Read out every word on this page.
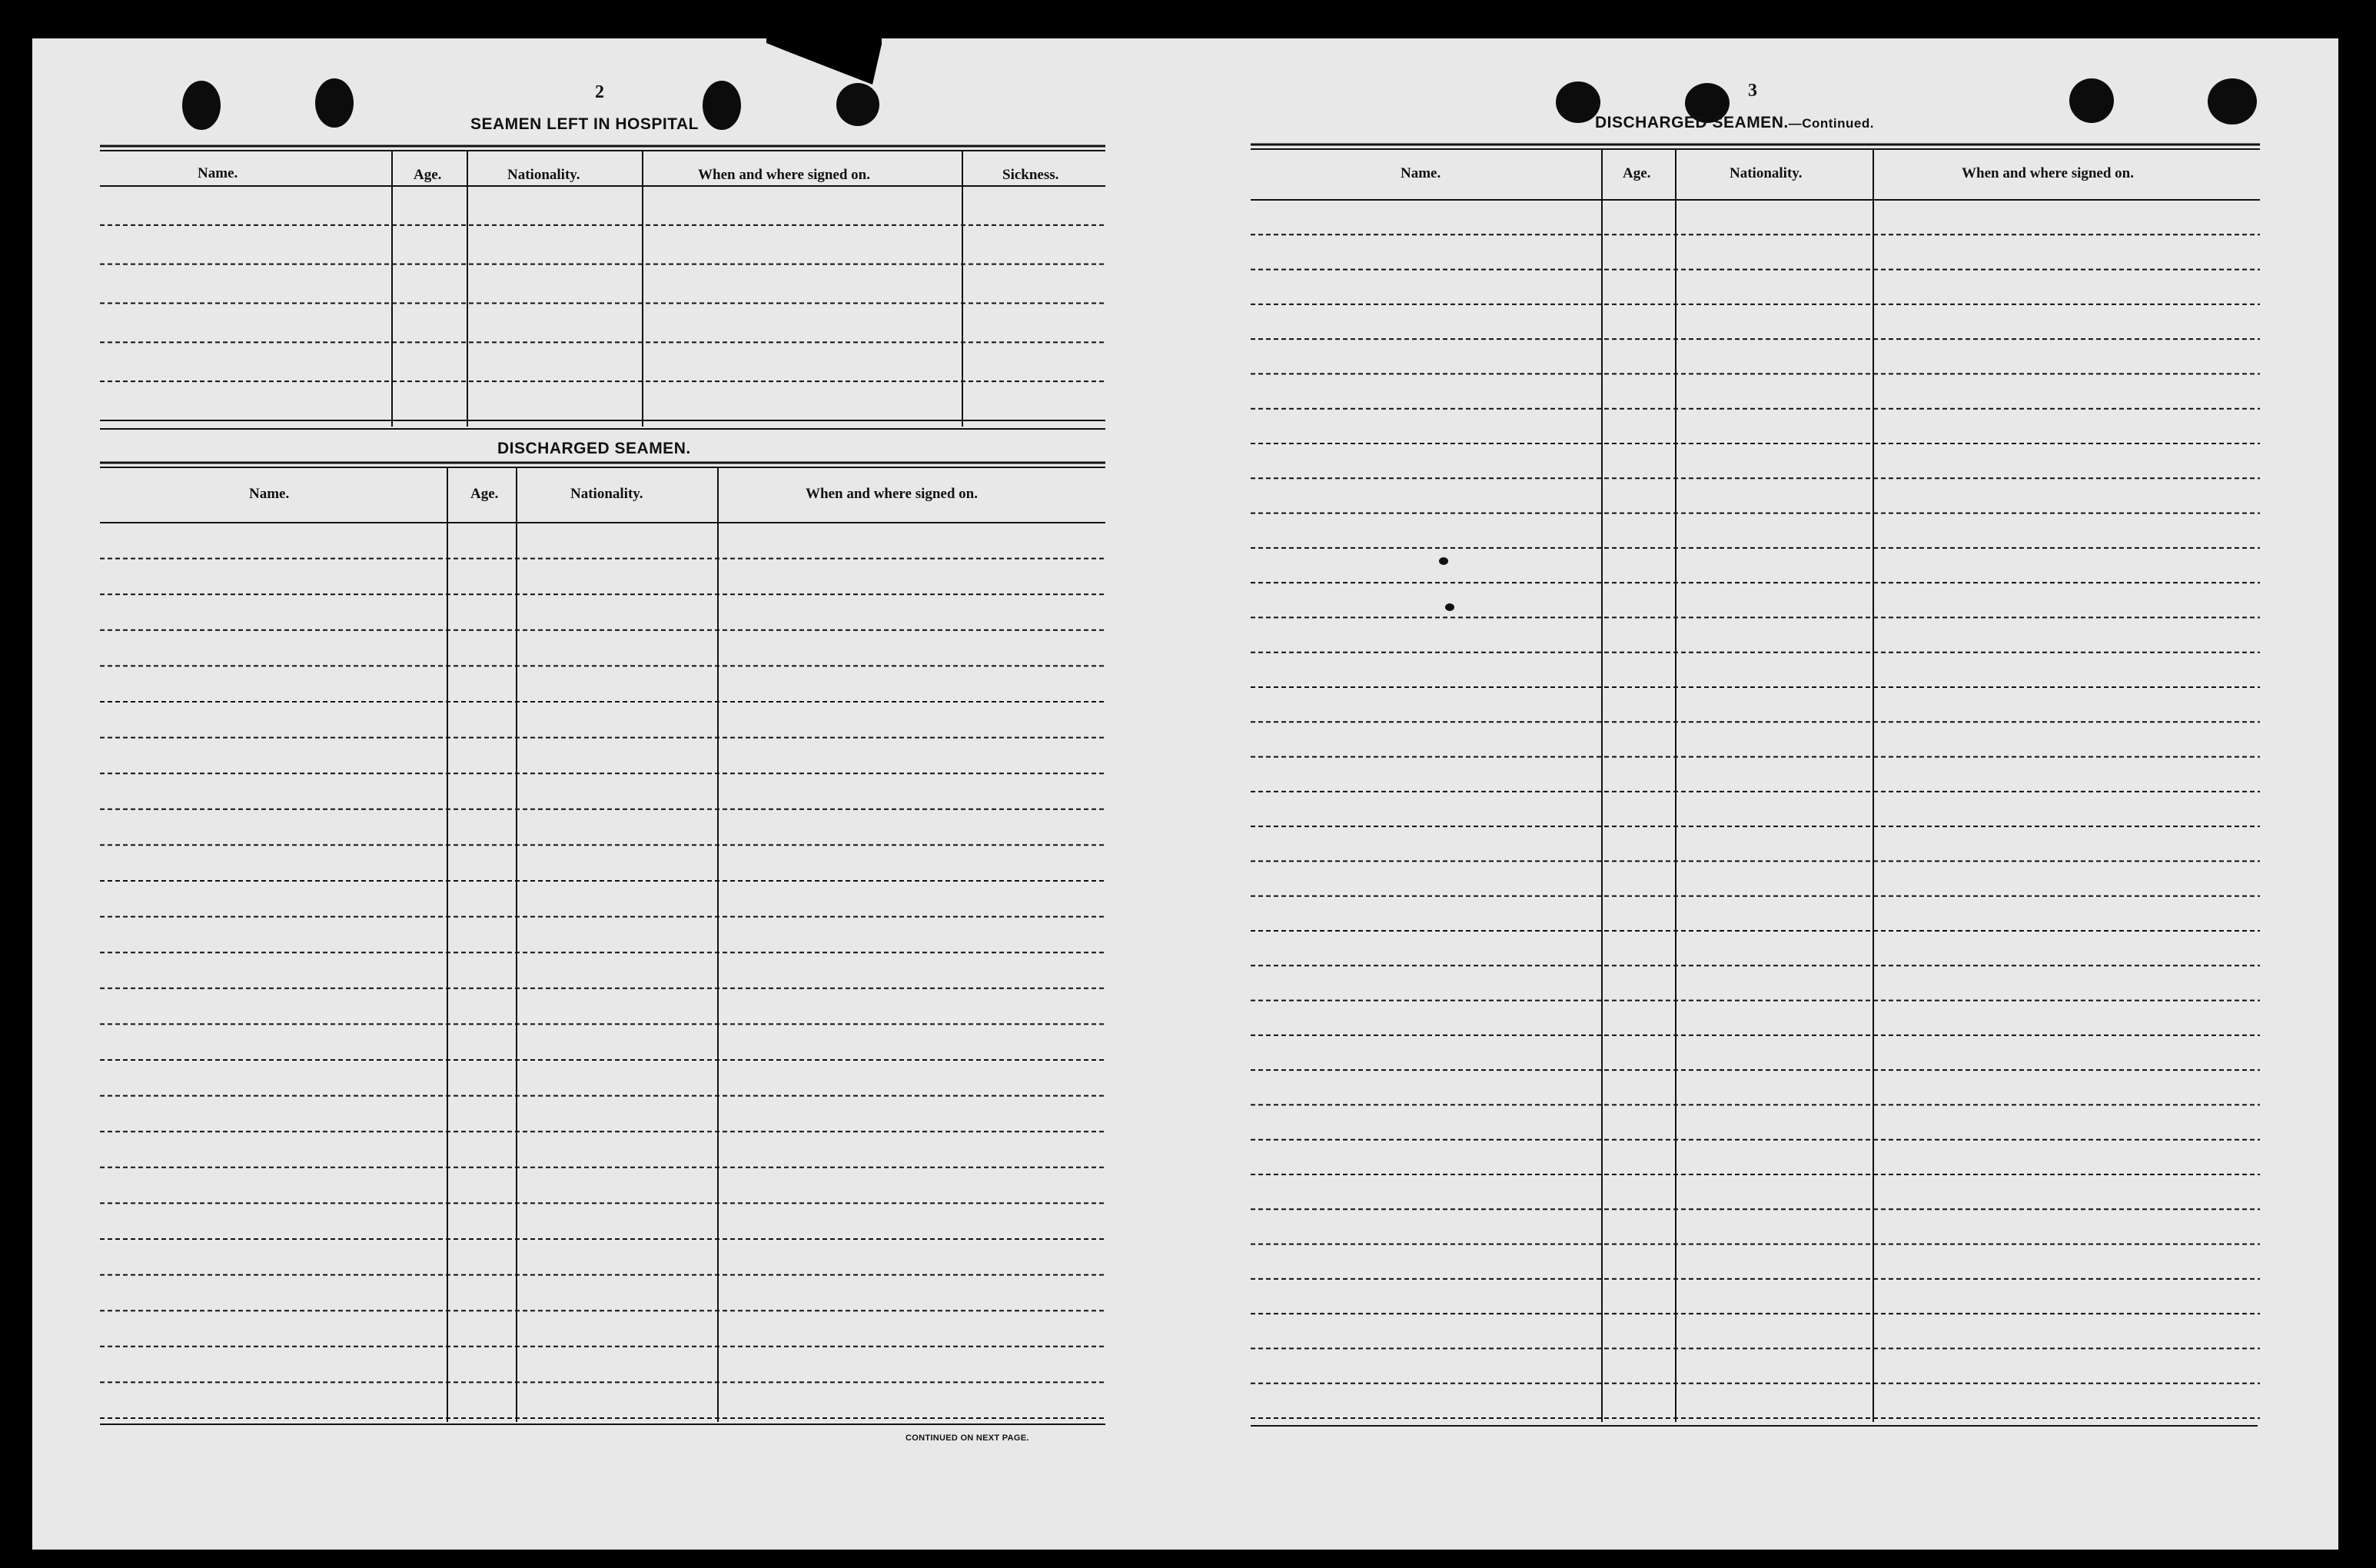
2
SEAMEN LEFT IN HOSPITAL
Name.	Age.	Nationality.	When and where signed on.	Sickness.
DISCHARGED SEAMEN.
Name.	Age.	Nationality.	When and where signed on.
CONTINUED ON NEXT PAGE.
3
DISCHARGED SEAMEN.—Continued.
Name.	Age.	Nationality.	When and where signed on.
